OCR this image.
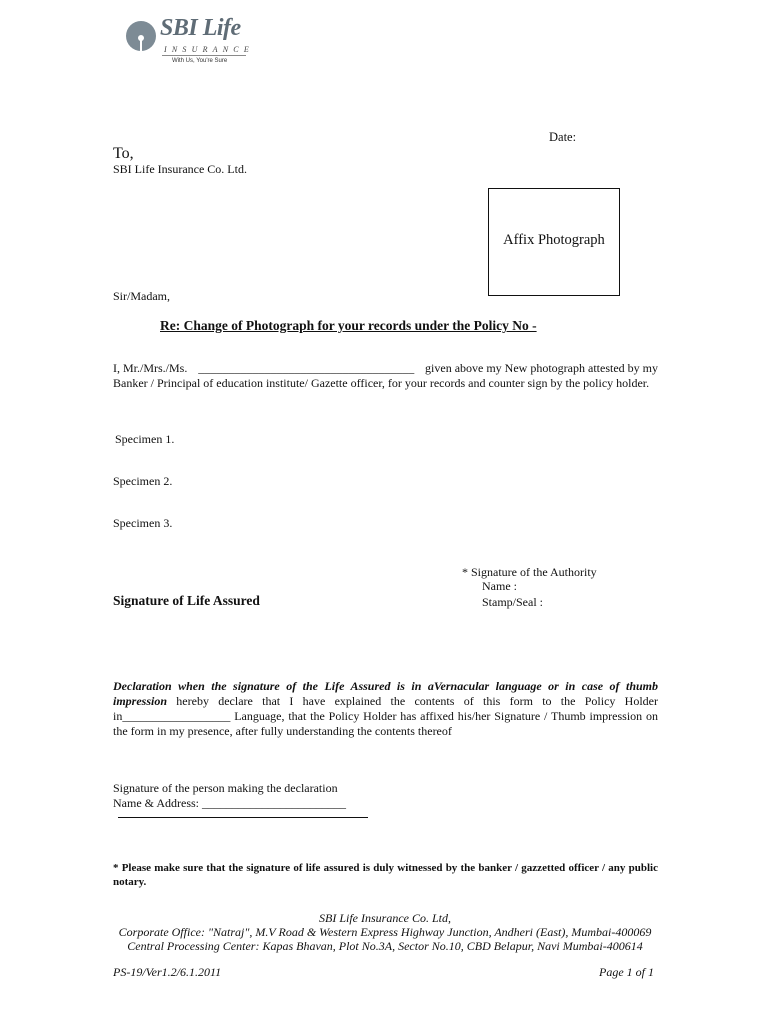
SBI Life
INSURANCE
With Us, You're Sure
Date:
To,
SBI Life Insurance Co. Ltd.
Affix Photograph
Sir/Madam,
Re: Change of Photograph for your records under the Policy No -
I, Mr./Mrs./Ms. ____________________________________ given above my New photograph attested by my
Banker / Principal of education institute/ Gazette officer, for your records and counter sign by the policy holder.
Specimen 1.
Specimen 2.
Specimen 3.
* Signature of the Authority
Name :
Stamp/Seal :
Signature of Life Assured
Declaration when the signature of the Life Assured is in aVernacular language or in case of thumb impression hereby declare that I have explained the contents of this form to the Policy Holder in__________________ Language, that the Policy Holder has affixed his/her Signature / Thumb impression on the form in my presence, after fully understanding the contents thereof
Signature of the person making the declaration
Name & Address: ________________________
* Please make sure that the signature of life assured is duly witnessed by the banker / gazzetted officer / any public notary.
SBI Life Insurance Co. Ltd,
Corporate Office: "Natraj", M.V Road & Western Express Highway Junction, Andheri (East), Mumbai-400069
Central Processing Center: Kapas Bhavan, Plot No.3A, Sector No.10, CBD Belapur, Navi Mumbai-400614
PS-19/Ver1.2/6.1.2011	Page 1 of 1
